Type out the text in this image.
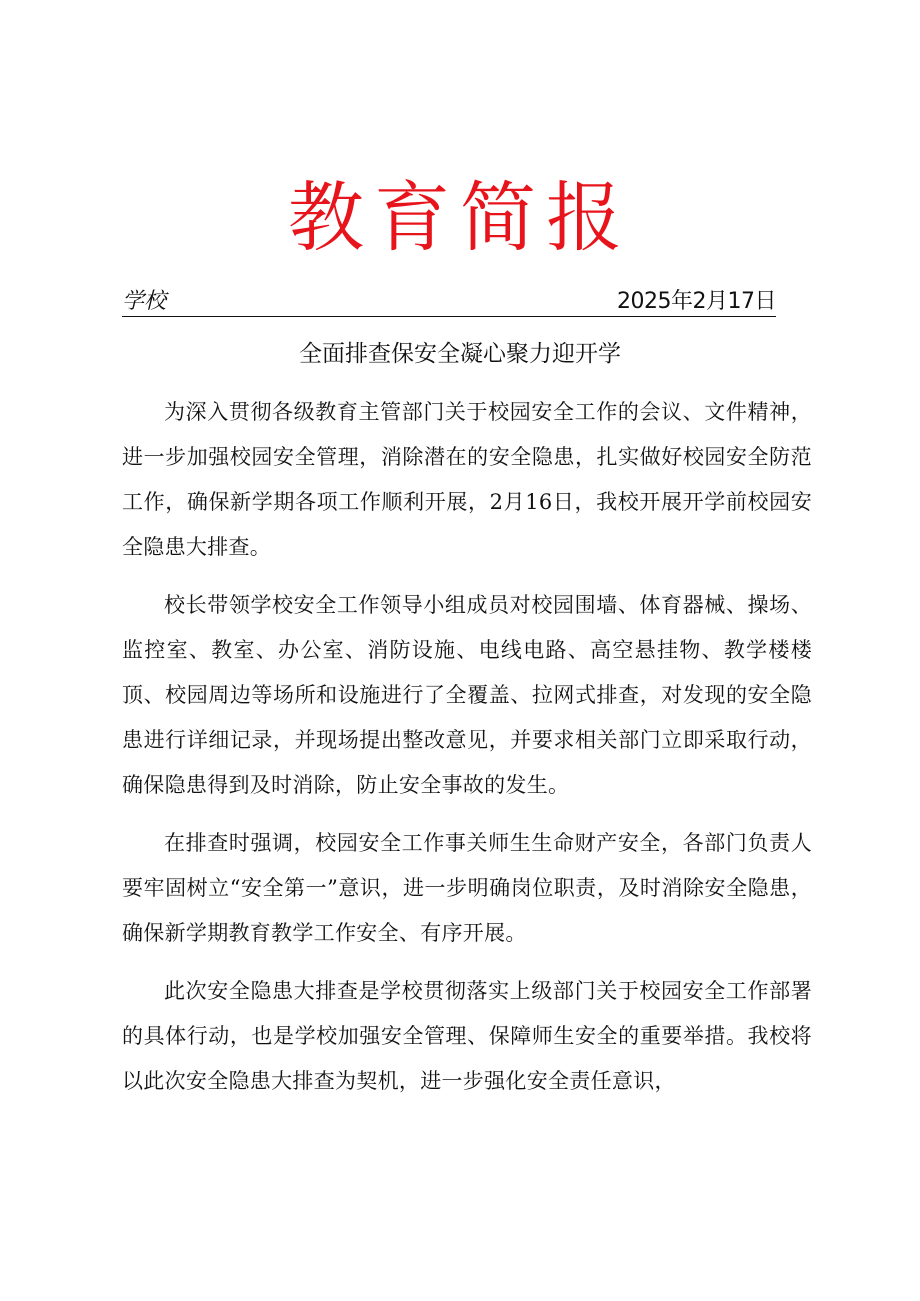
教育简报
学校	2025年2月17日
全面排查保安全凝心聚力迎开学

为深入贯彻各级教育主管部门关于校园安全工作的会议、文件精神，进一步加强校园安全管理，消除潜在的安全隐患，扎实做好校园安全防范工作，确保新学期各项工作顺利开展，2月16日，我校开展开学前校园安全隐患大排查。

校长带领学校安全工作领导小组成员对校园围墙、体育器械、操场、监控室、教室、办公室、消防设施、电线电路、高空悬挂物、教学楼楼顶、校园周边等场所和设施进行了全覆盖、拉网式排查，对发现的安全隐患进行详细记录，并现场提出整改意见，并要求相关部门立即采取行动，确保隐患得到及时消除，防止安全事故的发生。

在排查时强调，校园安全工作事关师生生命财产安全，各部门负责人要牢固树立“安全第一”意识，进一步明确岗位职责，及时消除安全隐患，确保新学期教育教学工作安全、有序开展。

此次安全隐患大排查是学校贯彻落实上级部门关于校园安全工作部署的具体行动，也是学校加强安全管理、保障师生安全的重要举措。我校将以此次安全隐患大排查为契机，进一步强化安全责任意识，
